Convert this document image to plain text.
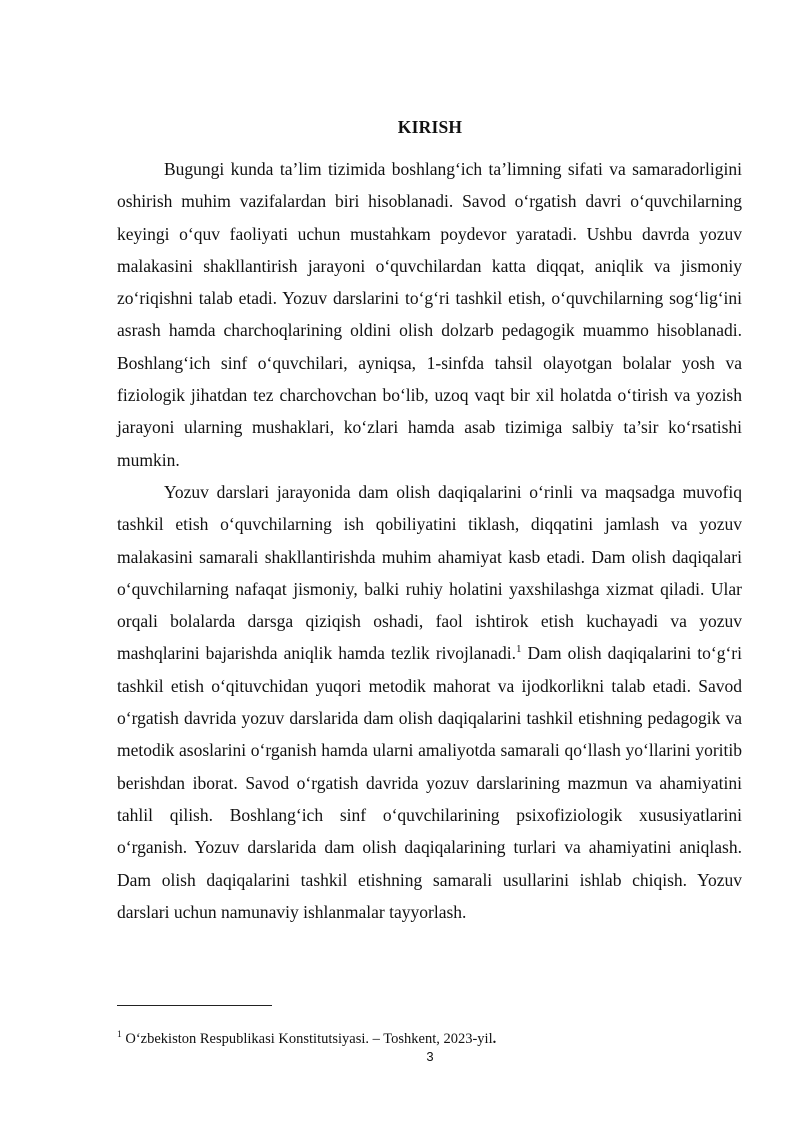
KIRISH

Bugungi kunda ta’lim tizimida boshlang‘ich ta’limning sifati va samaradorligini oshirish muhim vazifalardan biri hisoblanadi. Savod o‘rgatish davri o‘quvchilarning keyingi o‘quv faoliyati uchun mustahkam poydevor yaratadi. Ushbu davrda yozuv malakasini shakllantirish jarayoni o‘quvchilardan katta diqqat, aniqlik va jismoniy zo‘riqishni talab etadi. Yozuv darslarini to‘g‘ri tashkil etish, o‘quvchilarning sog‘lig‘ini asrash hamda charchoqlarining oldini olish dolzarb pedagogik muammo hisoblanadi. Boshlang‘ich sinf o‘quvchilari, ayniqsa, 1-sinfda tahsil olayotgan bolalar yosh va fiziologik jihatdan tez charchovchan bo‘lib, uzoq vaqt bir xil holatda o‘tirish va yozish jarayoni ularning mushaklari, ko‘zlari hamda asab tizimiga salbiy ta’sir ko‘rsatishi mumkin.

Yozuv darslari jarayonida dam olish daqiqalarini o‘rinli va maqsadga muvofiq tashkil etish o‘quvchilarning ish qobiliyatini tiklash, diqqatini jamlash va yozuv malakasini samarali shakllantirishda muhim ahamiyat kasb etadi. Dam olish daqiqalari o‘quvchilarning nafaqat jismoniy, balki ruhiy holatini yaxshilashga xizmat qiladi. Ular orqali bolalarda darsga qiziqish oshadi, faol ishtirok etish kuchayadi va yozuv mashqlarini bajarishda aniqlik hamda tezlik rivojlanadi.$^1$ Dam olish daqiqalarini to‘g‘ri tashkil etish o‘qituvchidan yuqori metodik mahorat va ijodkorlikni talab etadi. Savod o‘rgatish davrida yozuv darslarida dam olish daqiqalarini tashkil etishning pedagogik va metodik asoslarini o‘rganish hamda ularni amaliyotda samarali qo‘llash yo‘llarini yoritib berishdan iborat. Savod o‘rgatish davrida yozuv darslarining mazmun va ahamiyatini tahlil qilish. Boshlang‘ich sinf o‘quvchilarining psixofiziologik xususiyatlarini o‘rganish. Yozuv darslarida dam olish daqiqalarining turlari va ahamiyatini aniqlash. Dam olish daqiqalarini tashkil etishning samarali usullarini ishlab chiqish. Yozuv darslari uchun namunaviy ishlanmalar tayyorlash.

$^1$ O‘zbekiston Respublikasi Konstitutsiyasi. – Toshkent, 2023-yil.
3
